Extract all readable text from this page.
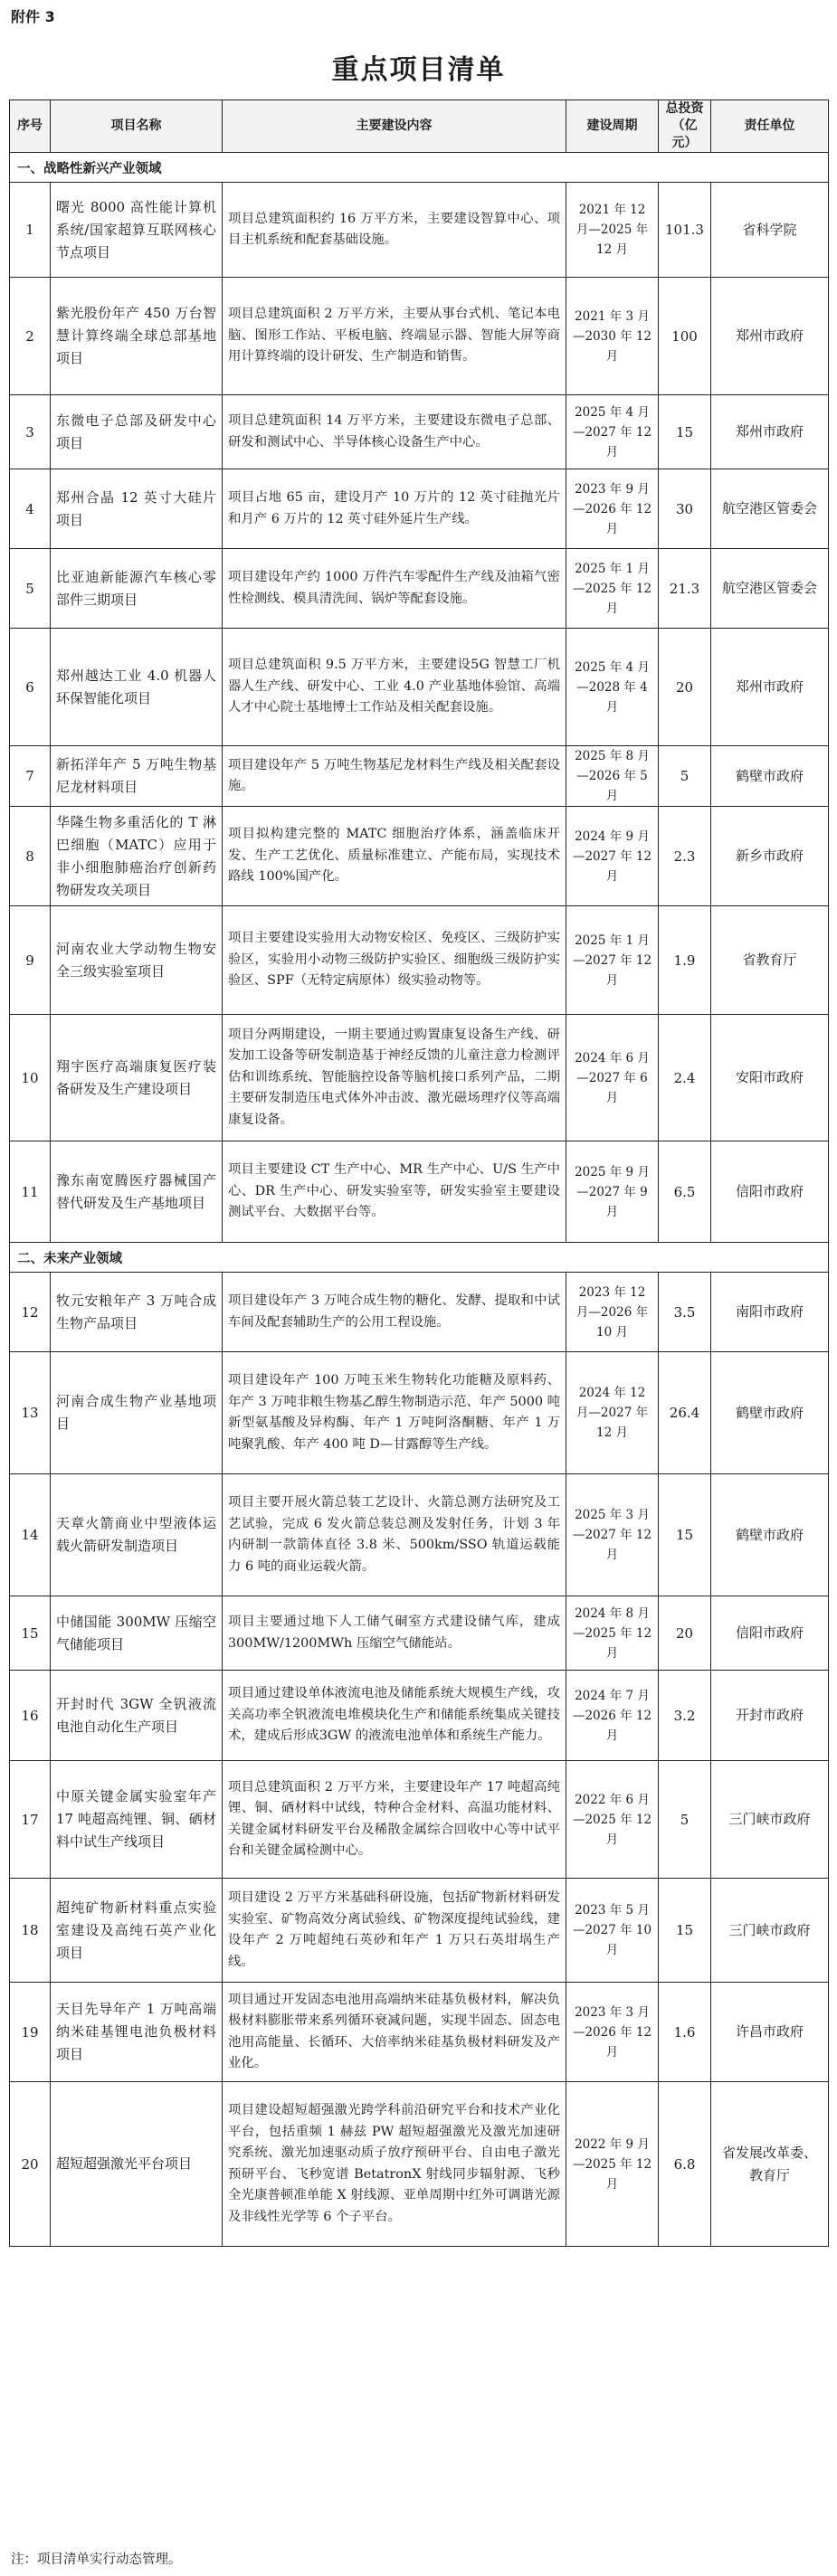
附件 3
重点项目清单
序号	项目名称	主要建设内容	建设周期	总投资（亿元）	责任单位
一、战略性新兴产业领域					
1	曙光 8000 高性能计算机系统/国家超算互联网核心节点项目	项目总建筑面积约 16 万平方米，主要建设智算中心、项目主机系统和配套基础设施。	2021 年 12 月—2025 年 12 月	101.3	省科学院
2	紫光股份年产 450 万台智慧计算终端全球总部基地项目	项目总建筑面积 2 万平方米，主要从事台式机、笔记本电脑、图形工作站、平板电脑、终端显示器、智能大屏等商用计算终端的设计研发、生产制造和销售。	2021 年 3 月—2030 年 12 月	100	郑州市政府
3	东微电子总部及研发中心项目	项目总建筑面积 14 万平方米，主要建设东微电子总部、研发和测试中心、半导体核心设备生产中心。	2025 年 4 月—2027 年 12 月	15	郑州市政府
4	郑州合晶 12 英寸大硅片项目	项目占地 65 亩，建设月产 10 万片的 12 英寸硅抛光片和月产 6 万片的 12 英寸硅外延片生产线。	2023 年 9 月—2026 年 12 月	30	航空港区管委会
5	比亚迪新能源汽车核心零部件三期项目	项目建设年产约 1000 万件汽车零配件生产线及油箱气密性检测线、模具清洗间、锅炉等配套设施。	2025 年 1 月—2025 年 12 月	21.3	航空港区管委会
6	郑州越达工业 4.0 机器人环保智能化项目	项目总建筑面积 9.5 万平方米，主要建设5G 智慧工厂机器人生产线、研发中心、工业 4.0 产业基地体验馆、高端人才中心院士基地博士工作站及相关配套设施。	2025 年 4 月—2028 年 4 月	20	郑州市政府
7	新拓洋年产 5 万吨生物基尼龙材料项目	项目建设年产 5 万吨生物基尼龙材料生产线及相关配套设施。	2025 年 8 月—2026 年 5 月	5	鹤壁市政府
8	华隆生物多重活化的 T 淋巴细胞（MATC）应用于非小细胞肺癌治疗创新药物研发攻关项目	项目拟构建完整的 MATC 细胞治疗体系，涵盖临床开发、生产工艺优化、质量标准建立、产能布局，实现技术路线 100%国产化。	2024 年 9 月—2027 年 12 月	2.3	新乡市政府
9	河南农业大学动物生物安全三级实验室项目	项目主要建设实验用大动物安检区、免疫区、三级防护实验区，实验用小动物三级防护实验区、细胞级三级防护实验区、SPF（无特定病原体）级实验动物等。	2025 年 1 月—2027 年 12 月	1.9	省教育厅
10	翔宇医疗高端康复医疗装备研发及生产建设项目	项目分两期建设，一期主要通过购置康复设备生产线、研发加工设备等研发制造基于神经反馈的儿童注意力检测评估和训练系统、智能脑控设备等脑机接口系列产品，二期主要研发制造压电式体外冲击波、激光磁场理疗仪等高端康复设备。	2024 年 6 月—2027 年 6 月	2.4	安阳市政府
11	豫东南宽腾医疗器械国产替代研发及生产基地项目	项目主要建设 CT 生产中心、MR 生产中心、U/S 生产中心、DR 生产中心、研发实验室等，研发实验室主要建设测试平台、大数据平台等。	2025 年 9 月—2027 年 9 月	6.5	信阳市政府
二、未来产业领域					
12	牧元安粮年产 3 万吨合成生物产品项目	项目建设年产 3 万吨合成生物的糖化、发酵、提取和中试车间及配套辅助生产的公用工程设施。	2023 年 12 月—2026 年 10 月	3.5	南阳市政府
13	河南合成生物产业基地项目	项目建设年产 100 万吨玉米生物转化功能糖及原料药、年产 3 万吨非粮生物基乙醇生物制造示范、年产 5000 吨新型氨基酸及异构酶、年产 1 万吨阿洛酮糖、年产 1 万吨聚乳酸、年产 400 吨 D—甘露醇等生产线。	2024 年 12 月—2027 年 12 月	26.4	鹤壁市政府
14	天章火箭商业中型液体运载火箭研发制造项目	项目主要开展火箭总装工艺设计、火箭总测方法研究及工艺试验，完成 6 发火箭总装总测及发射任务，计划 3 年内研制一款箭体直径 3.8 米、500km/SSO 轨道运载能力 6 吨的商业运载火箭。	2025 年 3 月—2027 年 12 月	15	鹤壁市政府
15	中储国能 300MW 压缩空气储能项目	项目主要通过地下人工储气硐室方式建设储气库，建成 300MW/1200MWh 压缩空气储能站。	2024 年 8 月—2025 年 12 月	20	信阳市政府
16	开封时代 3GW 全钒液流电池自动化生产项目	项目通过建设单体液流电池及储能系统大规模生产线，攻关高功率全钒液流电堆模块化生产和储能系统集成关键技术，建成后形成3GW 的液流电池单体和系统生产能力。	2024 年 7 月—2026 年 12 月	3.2	开封市政府
17	中原关键金属实验室年产 17 吨超高纯锂、铜、硒材料中试生产线项目	项目总建筑面积 2 万平方米，主要建设年产 17 吨超高纯锂、铜、硒材料中试线，特种合金材料、高温功能材料、关键金属材料研发平台及稀散金属综合回收中心等中试平台和关键金属检测中心。	2022 年 6 月—2025 年 12 月	5	三门峡市政府
18	超纯矿物新材料重点实验室建设及高纯石英产业化项目	项目建设 2 万平方米基础科研设施，包括矿物新材料研发实验室、矿物高效分离试验线、矿物深度提纯试验线，建设年产 2 万吨超纯石英砂和年产 1 万只石英坩埚生产线。	2023 年 5 月—2027 年 10 月	15	三门峡市政府
19	天目先导年产 1 万吨高端纳米硅基锂电池负极材料项目	项目通过开发固态电池用高端纳米硅基负极材料，解决负极材料膨胀带来系列循环衰减问题，实现半固态、固态电池用高能量、长循环、大倍率纳米硅基负极材料研发及产业化。	2023 年 3 月—2026 年 12 月	1.6	许昌市政府
20	超短超强激光平台项目	项目建设超短超强激光跨学科前沿研究平台和技术产业化平台，包括重频 1 赫兹 PW 超短超强激光及激光加速研究系统、激光加速驱动质子放疗预研平台、自由电子激光预研平台、飞秒宽谱 BetatronX 射线同步辐射源、飞秒全光康普顿准单能 X 射线源、亚单周期中红外可调谐光源及非线性光学等 6 个子平台。	2022 年 9 月—2025 年 12 月	6.8	省发展改革委、教育厅
注：项目清单实行动态管理。
